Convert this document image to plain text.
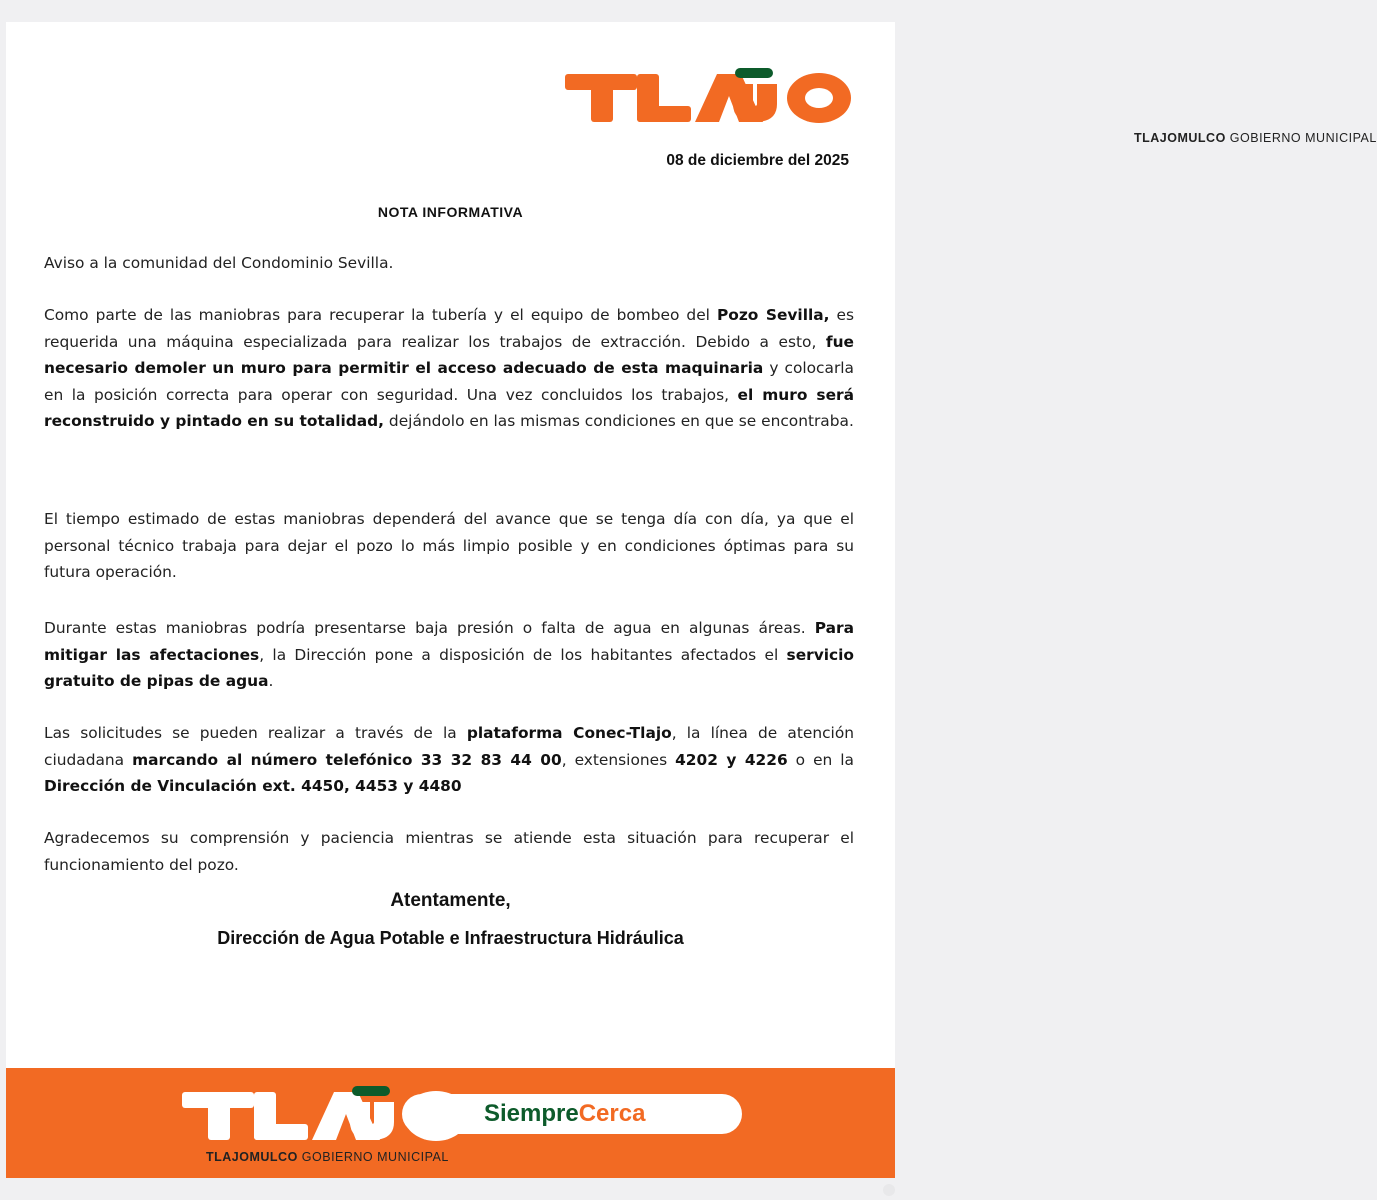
TLAJOMULCO GOBIERNO MUNICIPAL
08 de diciembre del 2025
NOTA INFORMATIVA
Aviso a la comunidad del Condominio Sevilla.
Como parte de las maniobras para recuperar la tubería y el equipo de bombeo del Pozo Sevilla, es requerida una máquina especializada para realizar los trabajos de extracción. Debido a esto, fue necesario demoler un muro para permitir el acceso adecuado de esta maquinaria y colocarla en la posición correcta para operar con seguridad. Una vez concluidos los trabajos, el muro será reconstruido y pintado en su totalidad, dejándolo en las mismas condiciones en que se encontraba.
El tiempo estimado de estas maniobras dependerá del avance que se tenga día con día, ya que el personal técnico trabaja para dejar el pozo lo más limpio posible y en condiciones óptimas para su futura operación.
Durante estas maniobras podría presentarse baja presión o falta de agua en algunas áreas. Para mitigar las afectaciones, la Dirección pone a disposición de los habitantes afectados el servicio gratuito de pipas de agua.
Las solicitudes se pueden realizar a través de la plataforma Conec-Tlajo, la línea de atención ciudadana marcando al número telefónico 33 32 83 44 00, extensiones 4202 y 4226 o en la Dirección de Vinculación ext. 4450, 4453 y 4480
Agradecemos su comprensión y paciencia mientras se atiende esta situación para recuperar el funcionamiento del pozo.
Atentamente,
Dirección de Agua Potable e Infraestructura Hidráulica
SiempreCerca
TLAJOMULCO GOBIERNO MUNICIPAL
